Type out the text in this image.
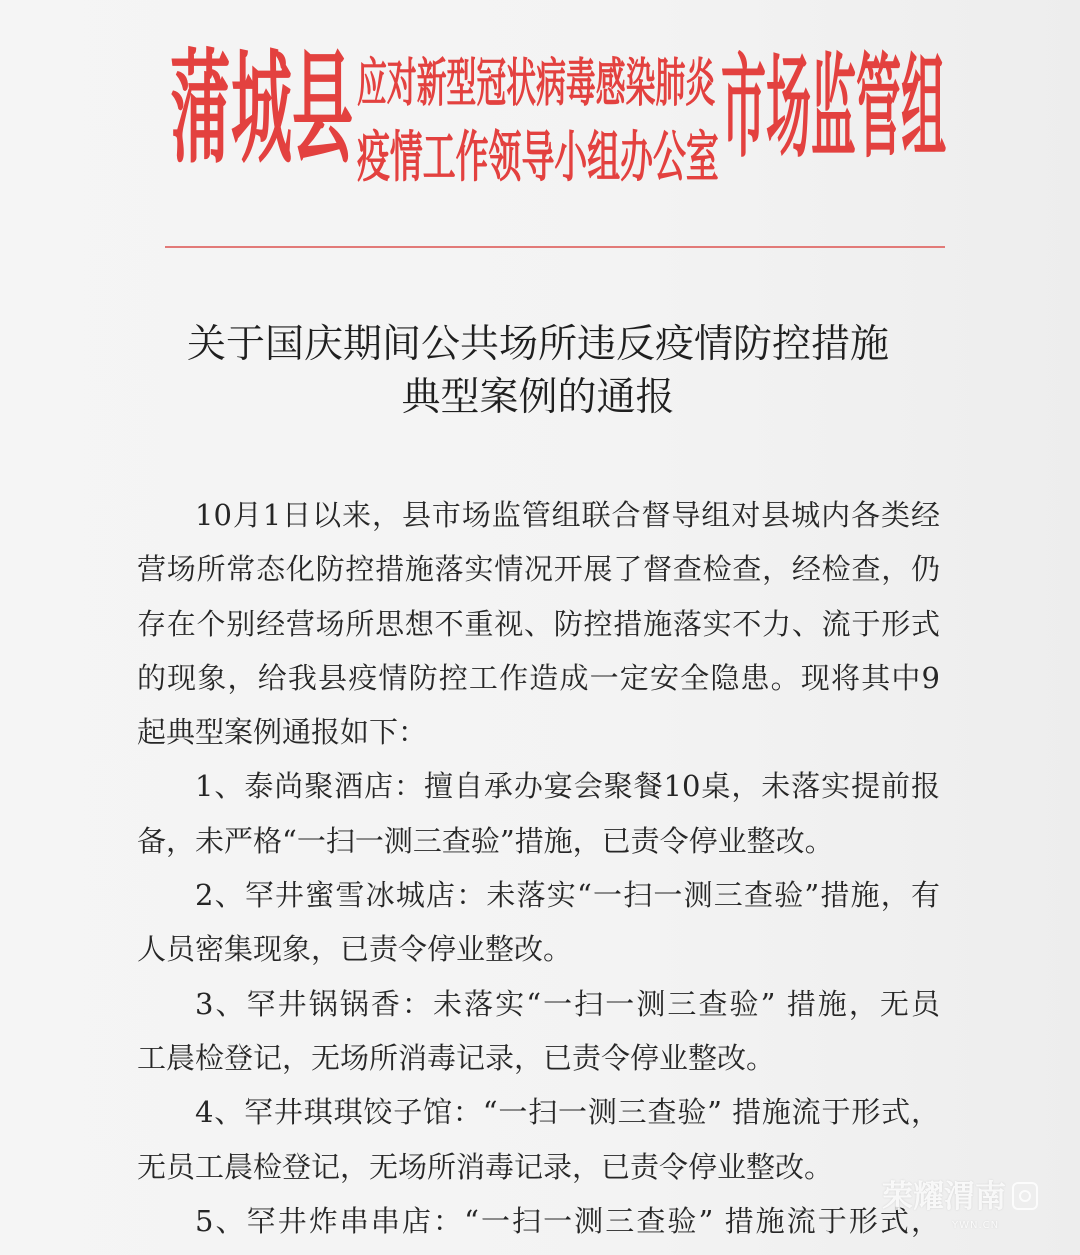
蒲城县 应对新型冠状病毒感染肺炎
疫情工作领导小组办公室 市场监管组
关于国庆期间公共场所违反疫情防控措施
典型案例的通报
10月1日以来，县市场监管组联合督导组对县城内各类经
营场所常态化防控措施落实情况开展了督查检查，经检查，仍
存在个别经营场所思想不重视、防控措施落实不力、流于形式
的现象，给我县疫情防控工作造成一定安全隐患。现将其中9
起典型案例通报如下：
1、泰尚聚酒店：擅自承办宴会聚餐10桌，未落实提前报
备，未严格“一扫一测三查验”措施，已责令停业整改。
2、罕井蜜雪冰城店：未落实“一扫一测三查验”措施，有
人员密集现象，已责令停业整改。
3、罕井锅锅香：未落实“一扫一测三查验” 措施，无员
工晨检登记，无场所消毒记录，已责令停业整改。
4、罕井琪琪饺子馆：“一扫一测三查验” 措施流于形式，
无员工晨检登记，无场所消毒记录，已责令停业整改。
5、罕井炸串串店：“一扫一测三查验” 措施流于形式，
荣耀渭南
YWN.CN
